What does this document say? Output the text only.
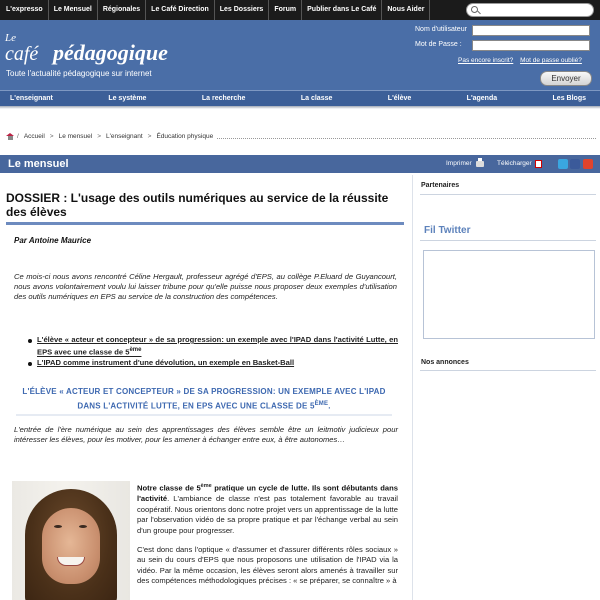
L'expresso	Le Mensuel	Régionales	Le Café Direction	Les Dossiers	Forum	Publier dans Le Café	Nous Aider
Le
café pédagogique
Toute l'actualité pédagogique sur internet
Nom d'utilisateur
Mot de Passe :
Pas encore inscrit? Mot de passe oublié?
Envoyer
L'enseignant	Le système	La recherche	La classe	L'élève	L'agenda	Les Blogs
/ Accueil > Le mensuel > L'enseignant > Éducation physique
Le mensuel	Imprimer	Télécharger
DOSSIER : L'usage des outils numériques au service de la réussite des élèves
Par Antoine Maurice

Ce mois-ci nous avons rencontré Céline Hergault, professeur agrégé d'EPS, au collège P.Eluard de Guyancourt, nous avons volontairement voulu lui laisser tribune pour qu'elle puisse nous proposer deux exemples d'utilisation des outils numériques en EPS au service de la construction des compétences.

L'élève « acteur et concepteur » de sa progression: un exemple avec l'IPAD dans l'activité Lutte, en EPS avec une classe de 5ème
L'IPAD comme instrument d'une dévolution, un exemple en Basket-Ball
L'ÉLÈVE « ACTEUR ET CONCEPTEUR » DE SA PROGRESSION: UN EXEMPLE AVEC L'IPAD DANS L'ACTIVITÉ LUTTE, EN EPS AVEC UNE CLASSE DE 5ÈME.

L'entrée de l'ère numérique au sein des apprentissages des élèves semble être un leitmotiv judicieux pour intéresser les élèves, pour les motiver, pour les amener à échanger entre eux, à être autonomes…

Notre classe de 5ème pratique un cycle de lutte. Ils sont débutants dans l'activité. L'ambiance de classe n'est pas totalement favorable au travail coopératif. Nous orientons donc notre projet vers un apprentissage de la lutte par l'observation vidéo de sa propre pratique et par l'échange verbal au sein d'un groupe pour progresser.

C'est donc dans l'optique « d'assumer et d'assurer différents rôles sociaux » au sein du cours d'EPS que nous proposons une utilisation de l'IPAD via la vidéo. Par la même occasion, les élèves seront alors amenés à travailler sur des compétences méthodologiques précises : « se préparer, se connaître » à

Partenaires
Fil Twitter
Nos annonces
